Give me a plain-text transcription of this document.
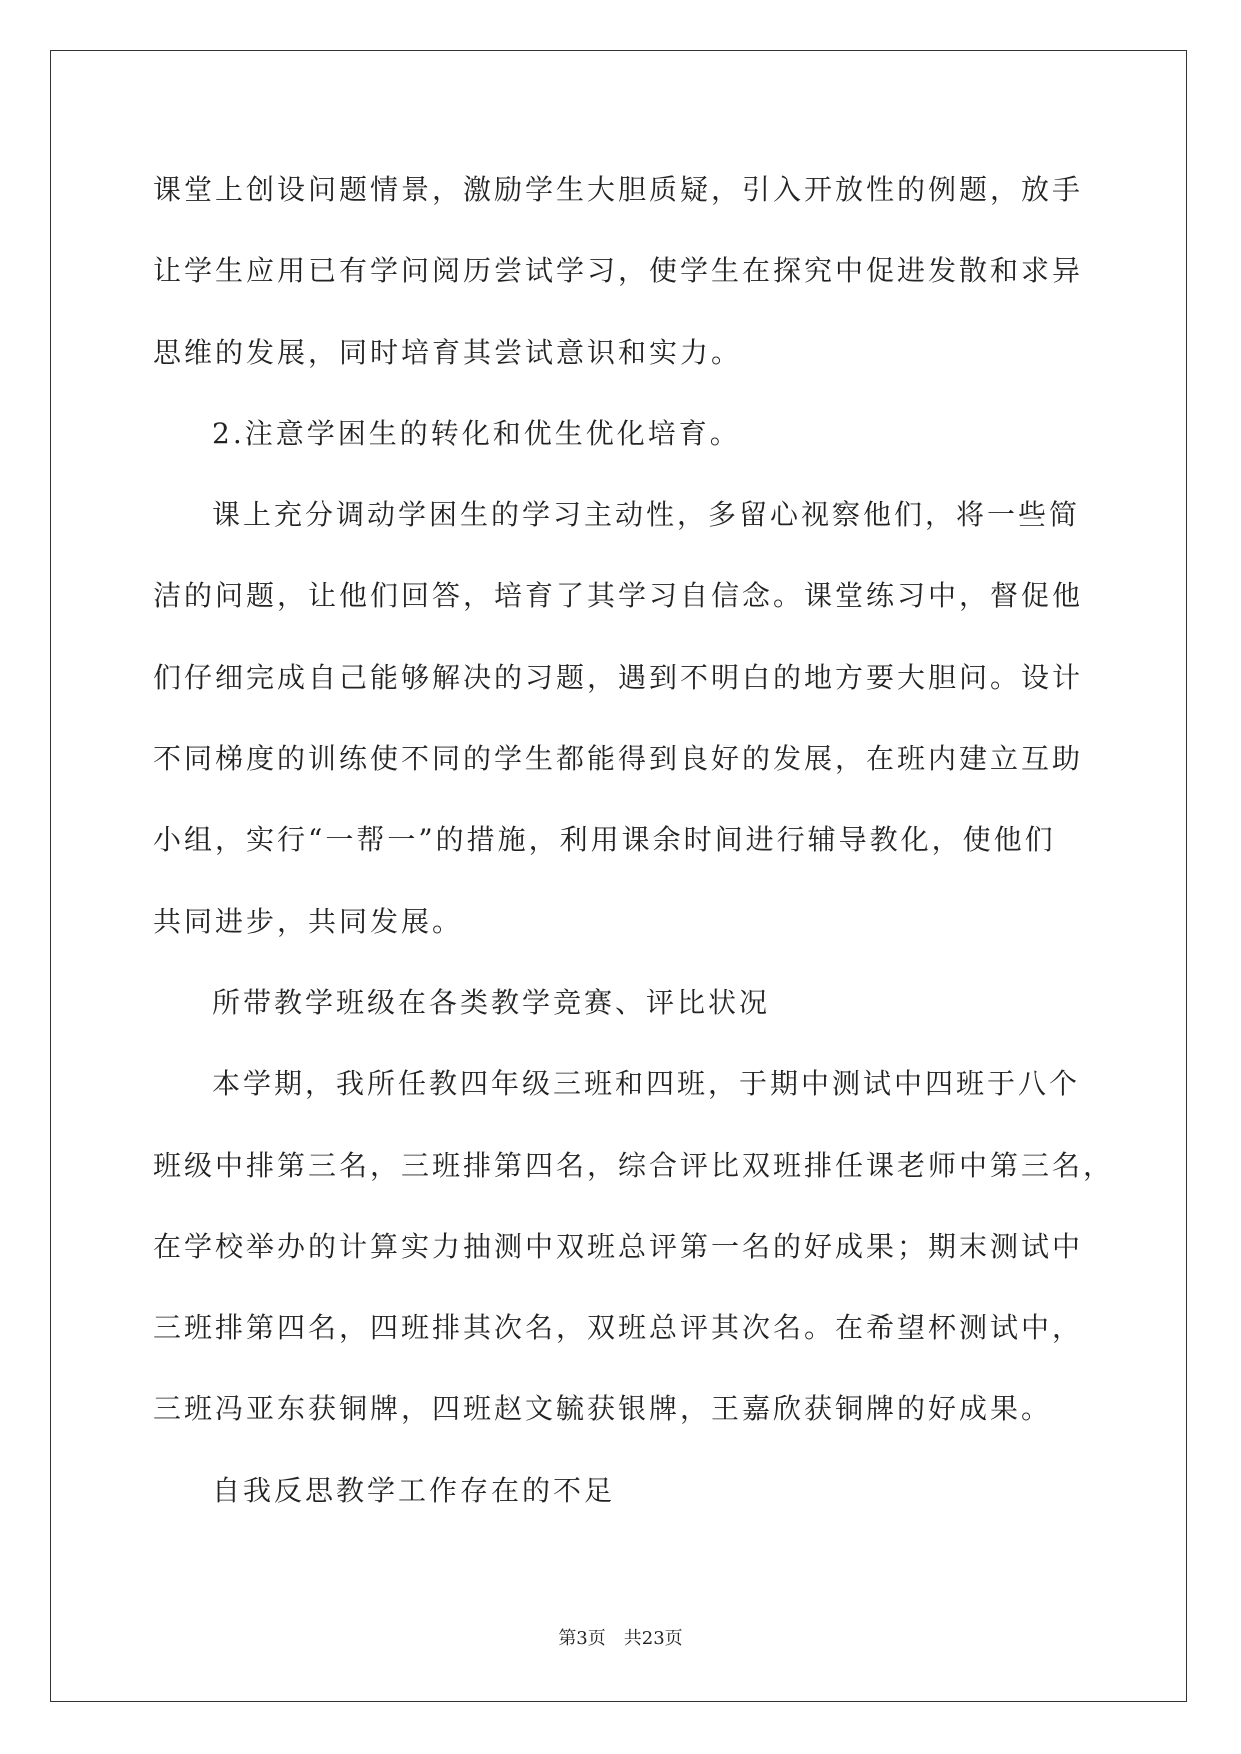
课堂上创设问题情景，激励学生大胆质疑，引入开放性的例题，放手
让学生应用已有学问阅历尝试学习，使学生在探究中促进发散和求异
思维的发展，同时培育其尝试意识和实力。
2.注意学困生的转化和优生优化培育。
课上充分调动学困生的学习主动性，多留心视察他们，将一些简
洁的问题，让他们回答，培育了其学习自信念。课堂练习中，督促他
们仔细完成自己能够解决的习题，遇到不明白的地方要大胆问。设计
不同梯度的训练使不同的学生都能得到良好的发展，在班内建立互助
小组，实行“一帮一”的措施，利用课余时间进行辅导教化，使他们
共同进步，共同发展。
所带教学班级在各类教学竞赛、评比状况
本学期，我所任教四年级三班和四班，于期中测试中四班于八个
班级中排第三名，三班排第四名，综合评比双班排任课老师中第三名，
在学校举办的计算实力抽测中双班总评第一名的好成果；期末测试中
三班排第四名，四班排其次名，双班总评其次名。在希望杯测试中，
三班冯亚东获铜牌，四班赵文毓获银牌，王嘉欣获铜牌的好成果。
自我反思教学工作存在的不足
第3页　共23页
